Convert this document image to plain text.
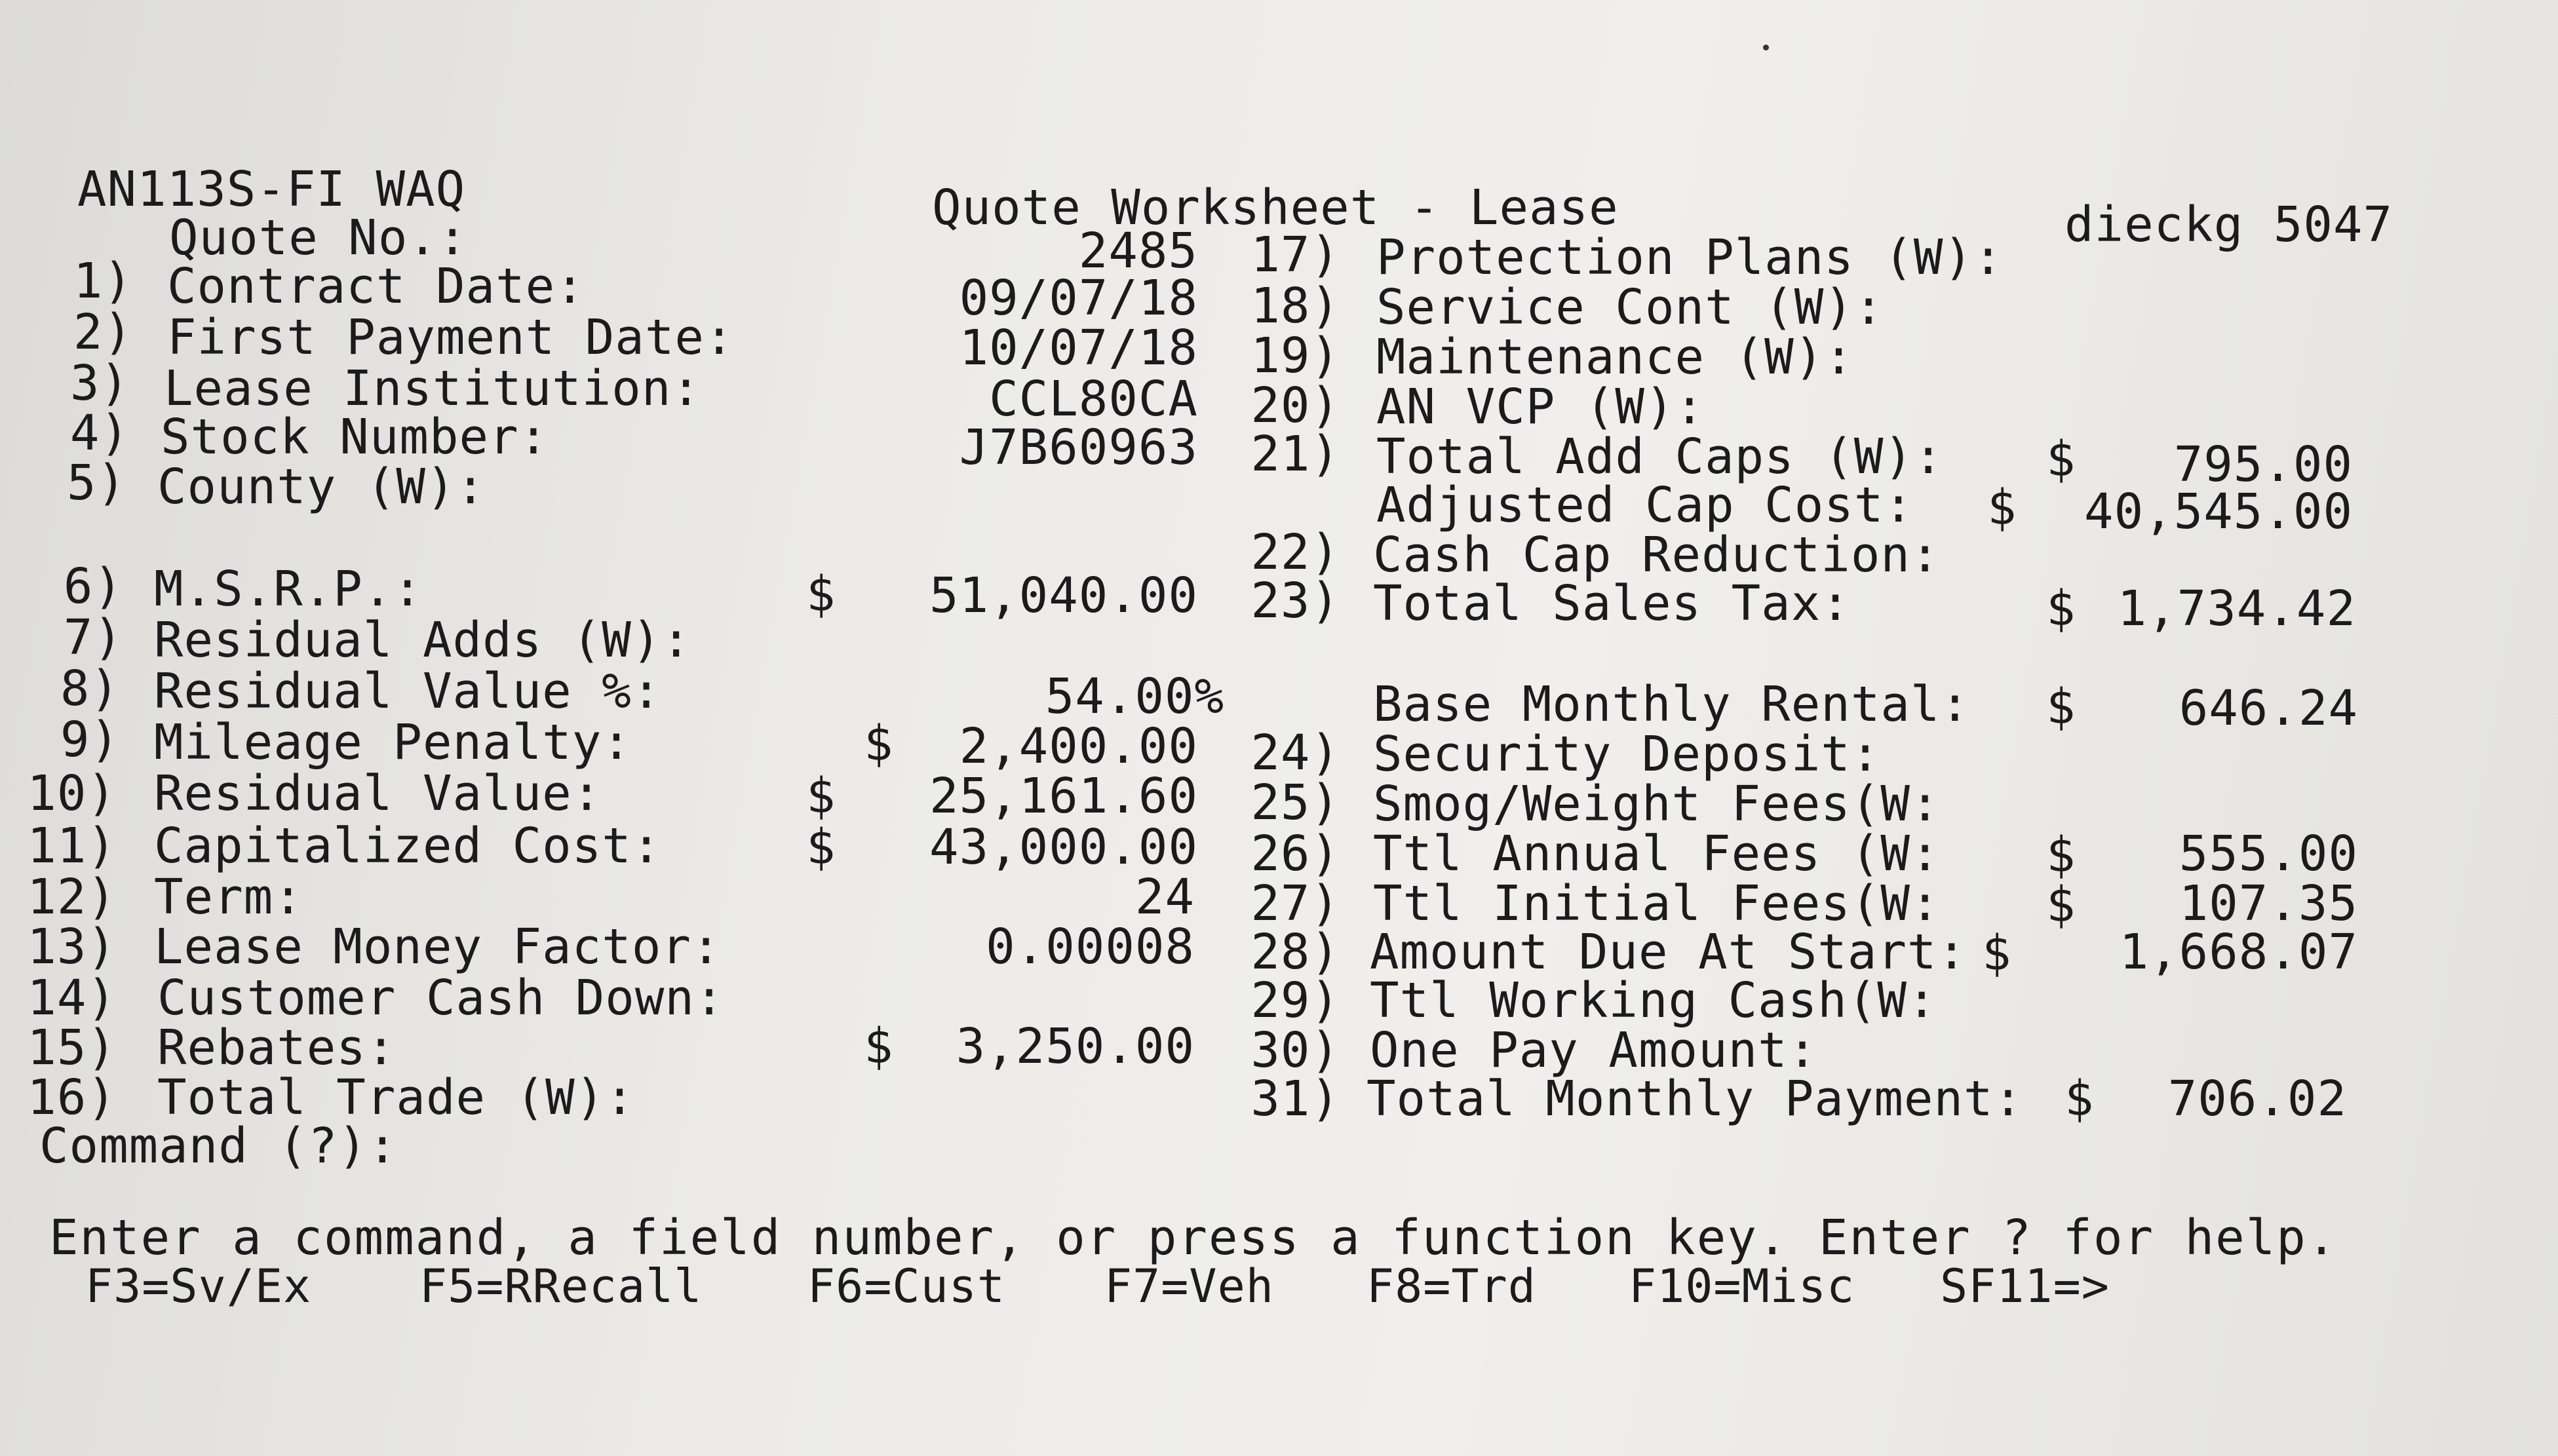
AN113S-FI WAQ	Quote Worksheet - Lease	dieckg 5047
Quote No.:	2485
1) Contract Date:	09/07/18
2) First Payment Date:	10/07/18
3) Lease Institution:	CCL80CA
4) Stock Number:	J7B60963
5) County (W):
6) M.S.R.P.:	$ 51,040.00
7) Residual Adds (W):
8) Residual Value %:	54.00%
9) Mileage Penalty:	$ 2,400.00
10) Residual Value:	$ 25,161.60
11) Capitalized Cost:	$ 43,000.00
12) Term:	24
13) Lease Money Factor:	0.00008
14) Customer Cash Down:
15) Rebates:	$ 3,250.00
16) Total Trade (W):
17) Protection Plans (W):
18) Service Cont (W):
19) Maintenance (W):
20) AN VCP (W):
21) Total Add Caps (W): $ 795.00
Adjusted Cap Cost: $ 40,545.00
22) Cash Cap Reduction:
23) Total Sales Tax:	$ 1,734.42
Base Monthly Rental: $ 646.24
24) Security Deposit:
25) Smog/Weight Fees(W:
26) Ttl Annual Fees (W: $ 555.00
27) Ttl Initial Fees(W: $ 107.35
28) Amount Due At Start: $ 1,668.07
29) Ttl Working Cash(W:
30) One Pay Amount:
31) Total Monthly Payment: $ 706.02
Command (?):
Enter a command, a field number, or press a function key. Enter ? for help.
F3=Sv/Ex F5=RRecall F6=Cust F7=Veh F8=Trd F10=Misc SF11=>
